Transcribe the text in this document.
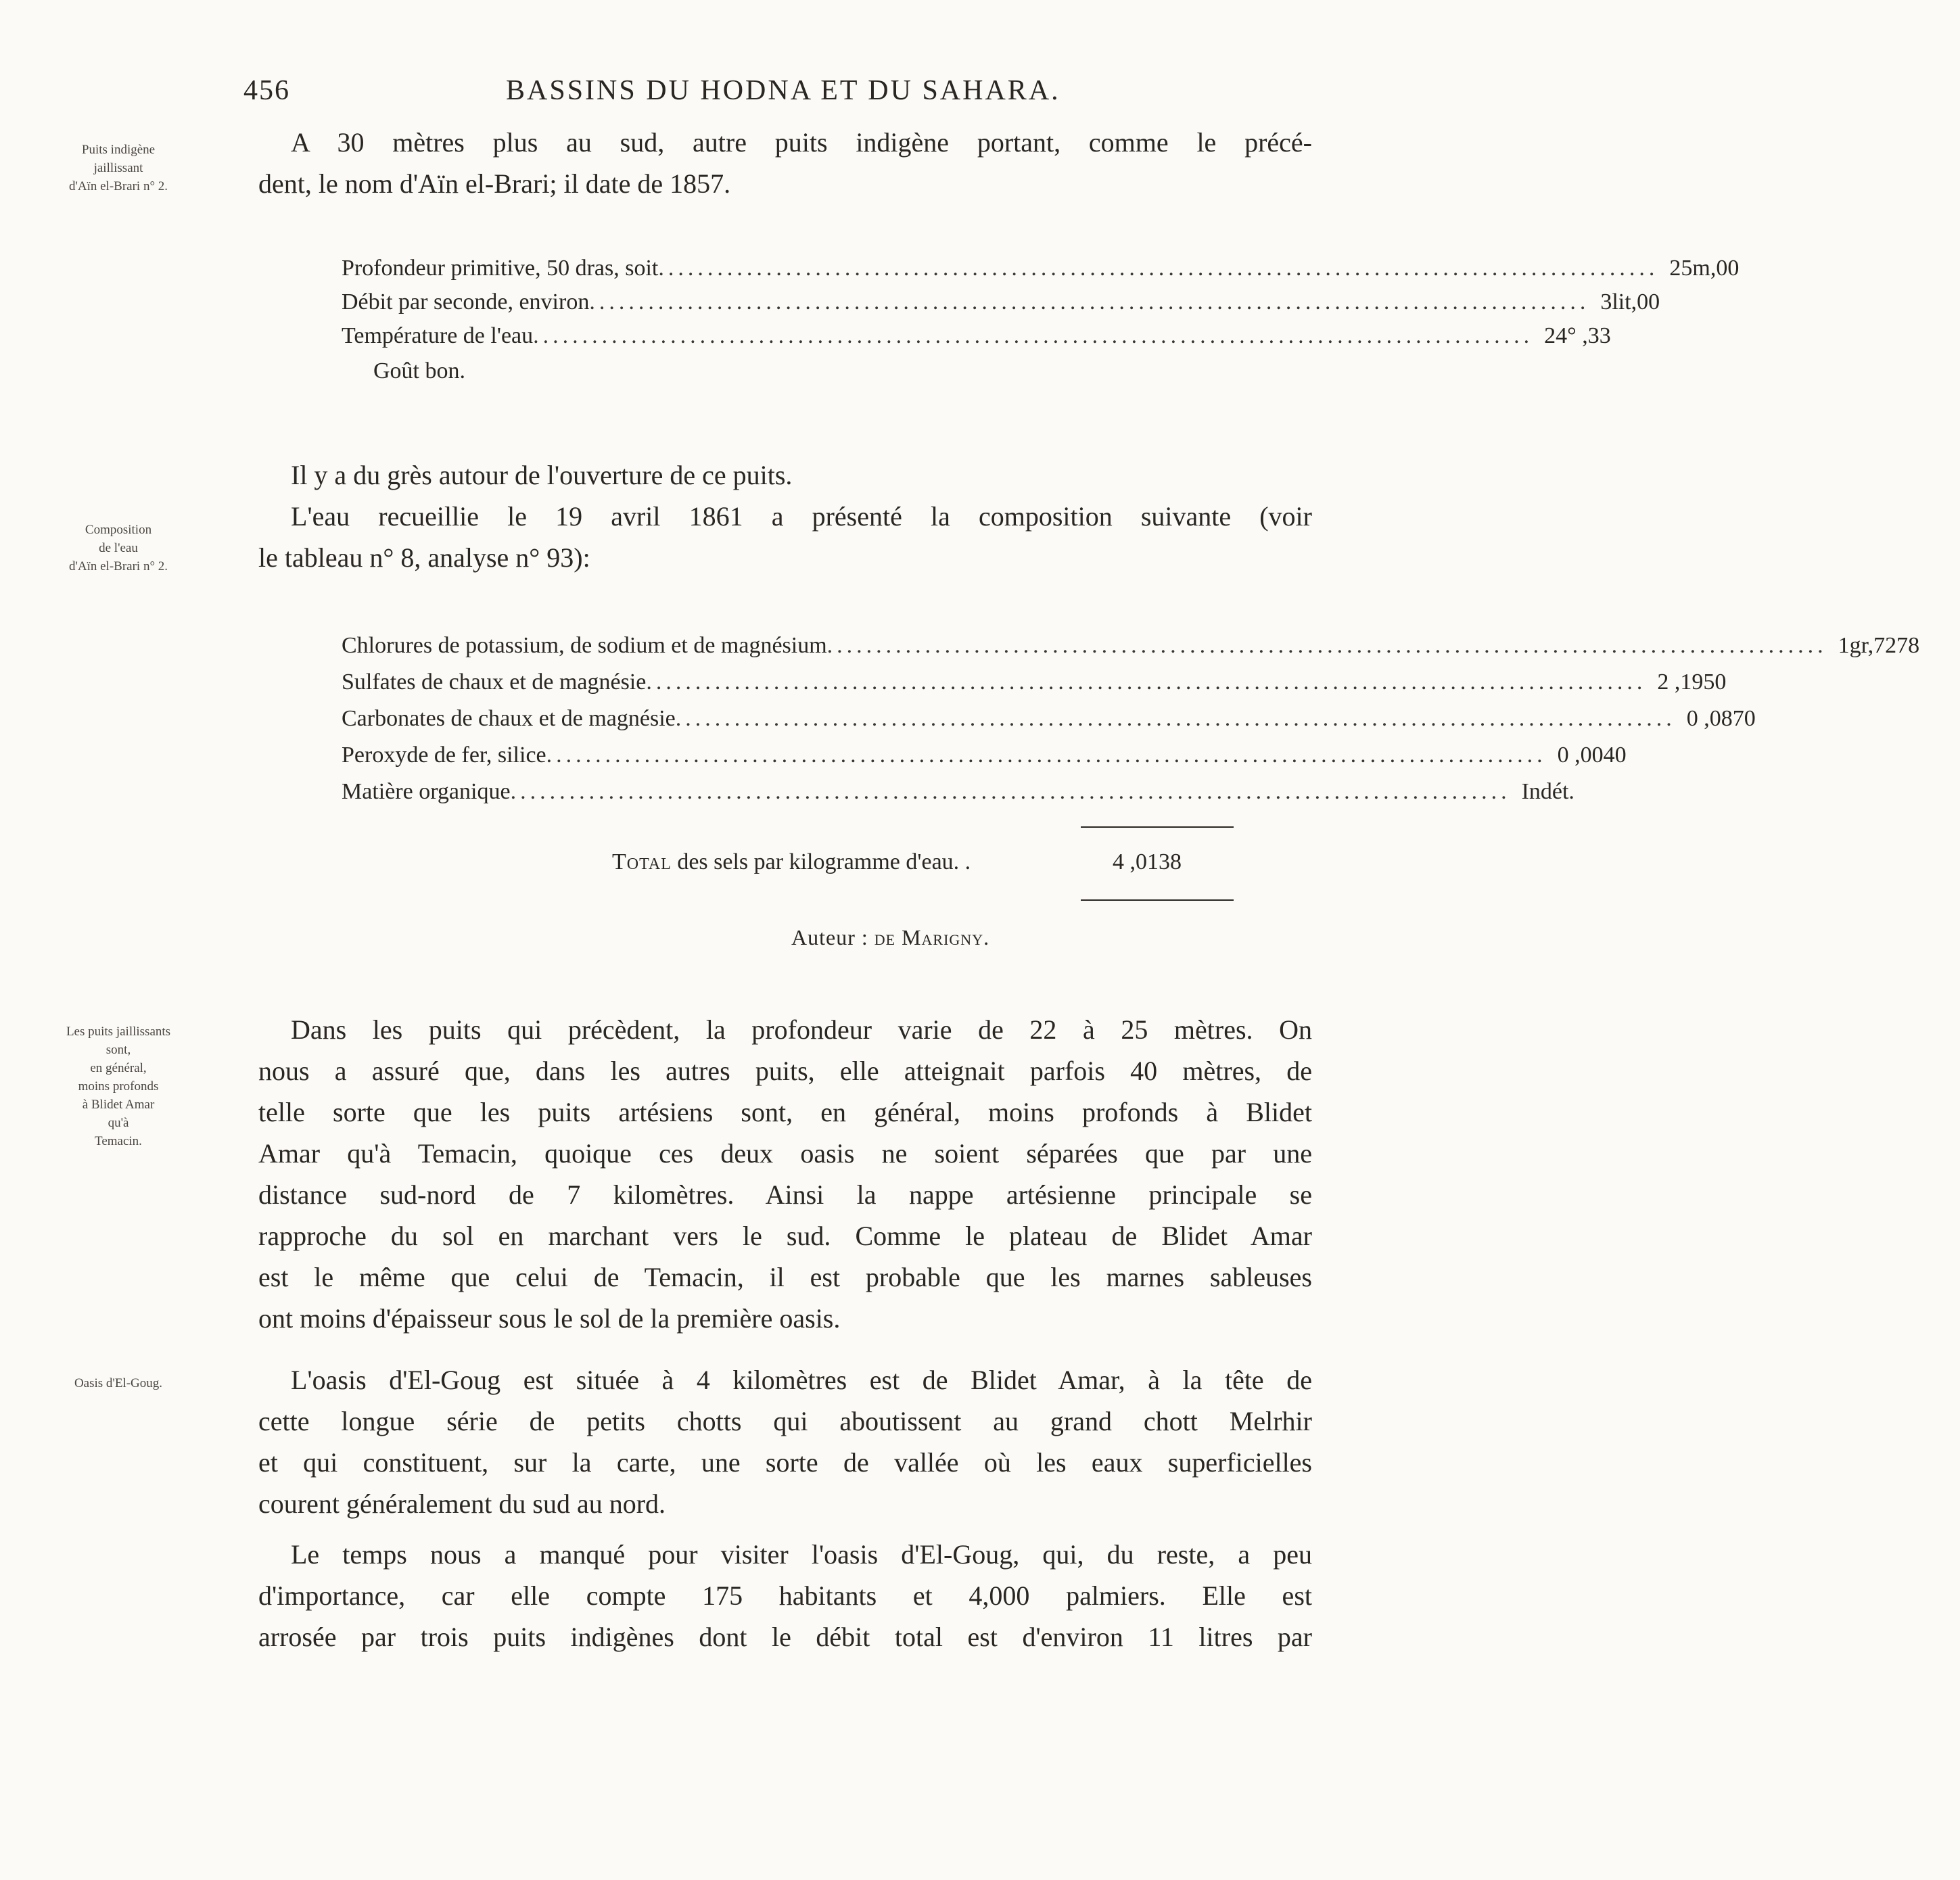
456	BASSINS DU HODNA ET DU SAHARA.
Puits indigène
jaillissant
d'Aïn el-Brari n° 2.
Composition
de l'eau
d'Aïn el-Brari n° 2.
Les puits jaillissants
sont,
en général,
moins profonds
à Blidet Amar
qu'à
Temacin.
Oasis d'El-Goug.
A 30 mètres plus au sud, autre puits indigène portant, comme le précé-
dent, le nom d'Aïn el-Brari; il date de 1857.
Profondeur primitive, 50 dras, soit ...................................................................................................... 25m,00
Débit par seconde, environ ...................................................................................................... 3lit,00
Température de l'eau ...................................................................................................... 24° ,33
Goût bon.
Il y a du grès autour de l'ouverture de ce puits.
L'eau recueillie le 19 avril 1861 a présenté la composition suivante (voir
le tableau n° 8, analyse n° 93):
Chlorures de potassium, de sodium et de magnésium ...................................................................................................... 1gr,7278
Sulfates de chaux et de magnésie ...................................................................................................... 2 ,1950
Carbonates de chaux et de magnésie ...................................................................................................... 0 ,0870
Peroxyde de fer, silice ...................................................................................................... 0 ,0040
Matière organique ...................................................................................................... Indét.
Total des sels par kilogramme d'eau. .	4 ,0138
Auteur : de Marigny.
Dans les puits qui précèdent, la profondeur varie de 22 à 25 mètres. On
nous a assuré que, dans les autres puits, elle atteignait parfois 40 mètres, de
telle sorte que les puits artésiens sont, en général, moins profonds à Blidet
Amar qu'à Temacin, quoique ces deux oasis ne soient séparées que par une
distance sud-nord de 7 kilomètres. Ainsi la nappe artésienne principale se
rapproche du sol en marchant vers le sud. Comme le plateau de Blidet Amar
est le même que celui de Temacin, il est probable que les marnes sableuses
ont moins d'épaisseur sous le sol de la première oasis.
L'oasis d'El-Goug est située à 4 kilomètres est de Blidet Amar, à la tête de
cette longue série de petits chotts qui aboutissent au grand chott Melrhir
et qui constituent, sur la carte, une sorte de vallée où les eaux superficielles
courent généralement du sud au nord.
Le temps nous a manqué pour visiter l'oasis d'El-Goug, qui, du reste, a peu
d'importance, car elle compte 175 habitants et 4,000 palmiers. Elle est
arrosée par trois puits indigènes dont le débit total est d'environ 11 litres par
